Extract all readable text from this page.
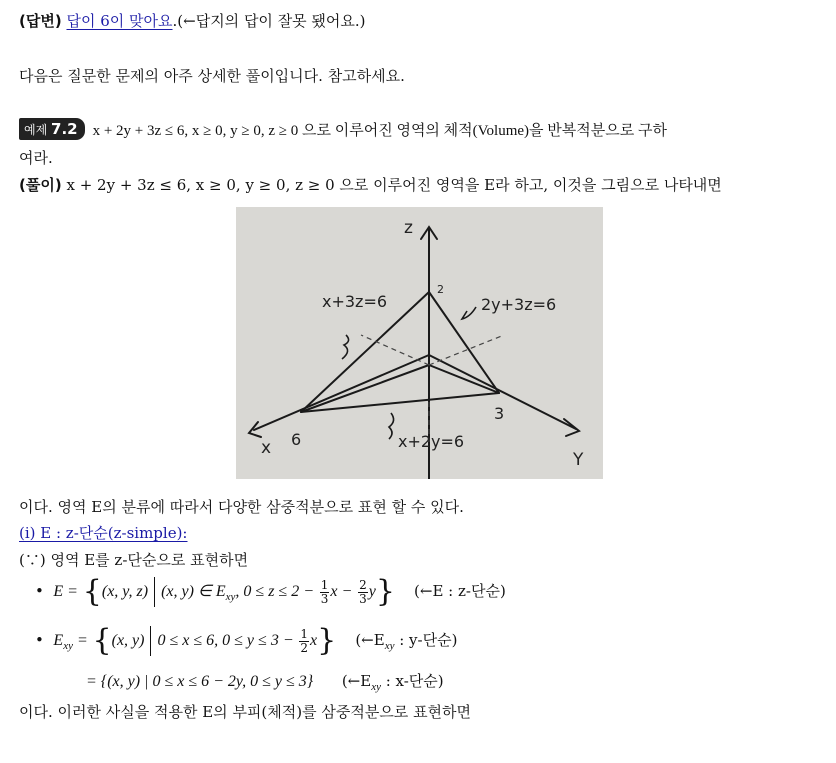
(답변) 답이 6이 맞아요.(←답지의 답이 잘못 됐어요.)
다음은 질문한 문제의 아주 상세한 풀이입니다. 참고하세요.
예제 7.2 x + 2y + 3z ≤ 6, x ≥ 0, y ≥ 0, z ≥ 0 으로 이루어진 영역의 체적(Volume)을 반복적분으로 구하
여라.
(풀이) x + 2y + 3z ≤ 6, x ≥ 0, y ≥ 0, z ≥ 0 으로 이루어진 영역을 E라 하고, 이것을 그림으로 나타내면
z
x
Y
2
6
3
x+3z=6	2y+3z=6
x+2y=6
이다. 영역 E의 분류에 따라서 다양한 삼중적분으로 표현 할 수 있다.
(i) E : z-단순(z-simple):
(∵) 영역 E를 z-단순으로 표현하면
• E = {(x, y, z) (x, y) ∈ $E_{xy}$, $0 \le z \le 2 - \frac{1}{3}$ $x - \frac{2}{3} y$} (←E : z-단순)
• $E_{xy} = \{(x$, y) 0 ≤ x ≤ 6, $0 \le y \le 3 - \frac{1}{2} x$} ($\leftarrow E_{xy}$ : y-단순)
= {(x, y) | 0 ≤ x ≤ 6 − 2y, 0 ≤ y ≤ 3} ($\leftarrow E_{xy}$ : x-단순)
이다. 이러한 사실을 적용한 E의 부피(체적)를 삼중적분으로 표현하면
